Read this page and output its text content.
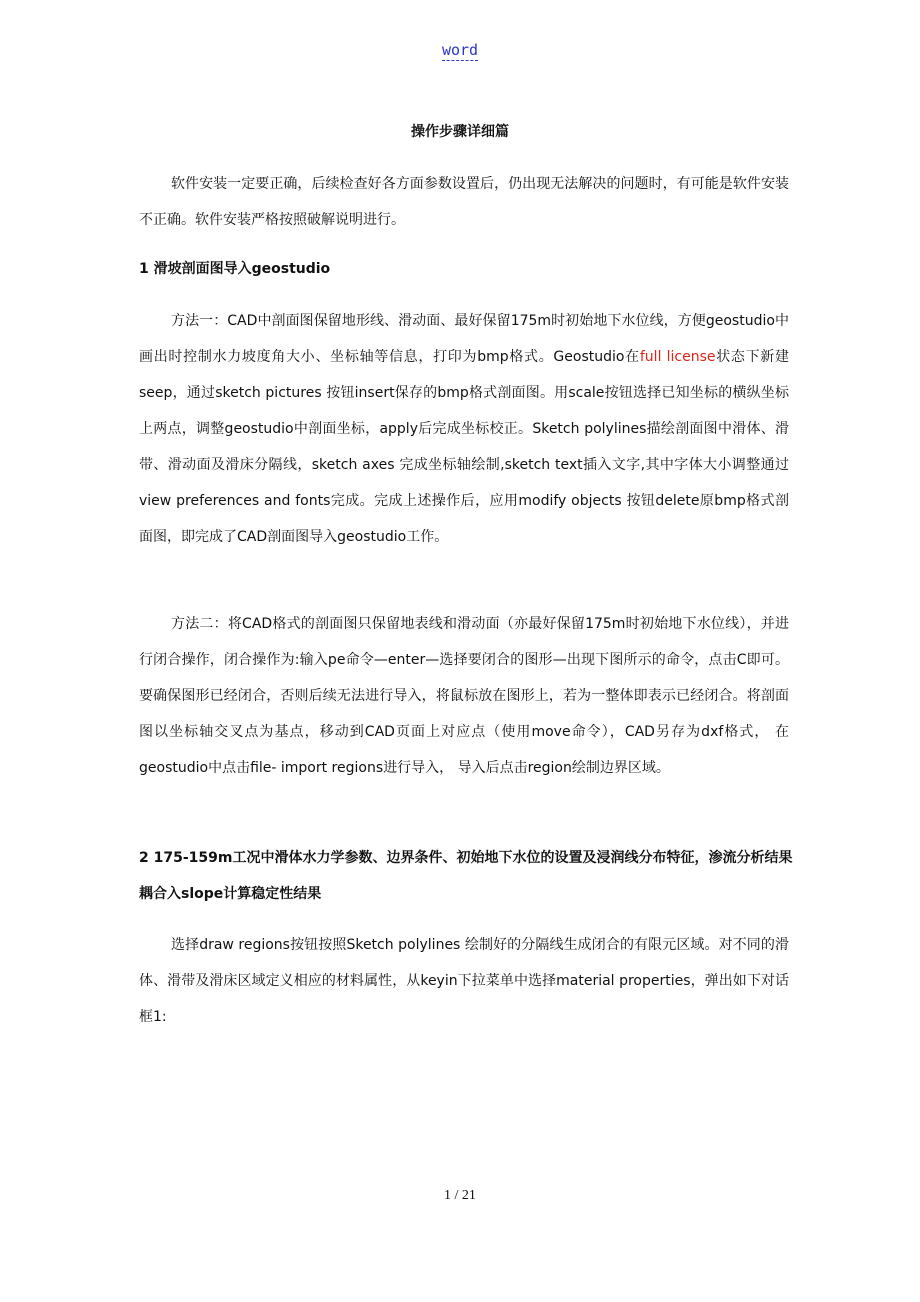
word
操作步骤详细篇

软件安装一定要正确，后续检查好各方面参数设置后，仍出现无法解决的问题时，有可能是软件安装不正确。软件安装严格按照破解说明进行。

1 滑坡剖面图导入geostudio

方法一：CAD中剖面图保留地形线、滑动面、最好保留175m时初始地下水位线，方便geostudio中画出时控制水力坡度角大小、坐标轴等信息，打印为bmp格式。Geostudio在full license状态下新建seep，通过sketch pictures 按钮insert保存的bmp格式剖面图。用scale按钮选择已知坐标的横纵坐标上两点，调整geostudio中剖面坐标，apply后完成坐标校正。Sketch polylines描绘剖面图中滑体、滑带、滑动面及滑床分隔线，sketch axes 完成坐标轴绘制,sketch text插入文字,其中字体大小调整通过view preferences and fonts完成。完成上述操作后，应用modify objects 按钮delete原bmp格式剖面图，即完成了CAD剖面图导入geostudio工作。

方法二：将CAD格式的剖面图只保留地表线和滑动面（亦最好保留175m时初始地下水位线），并进行闭合操作，闭合操作为:输入pe命令—enter—选择要闭合的图形—出现下图所示的命令，点击C即可。要确保图形已经闭合，否则后续无法进行导入，将鼠标放在图形上，若为一整体即表示已经闭合。将剖面图以坐标轴交叉点为基点，移动到CAD页面上对应点（使用move命令），CAD另存为dxf格式， 在geostudio中点击file- import regions进行导入， 导入后点击region绘制边界区域。

2 175-159m工况中滑体水力学参数、边界条件、初始地下水位的设置及浸润线分布特征，渗流分析结果耦合入slope计算稳定性结果

选择draw regions按钮按照Sketch polylines 绘制好的分隔线生成闭合的有限元区域。对不同的滑体、滑带及滑床区域定义相应的材料属性，从keyin下拉菜单中选择material properties，弹出如下对话框1:

1 / 21
